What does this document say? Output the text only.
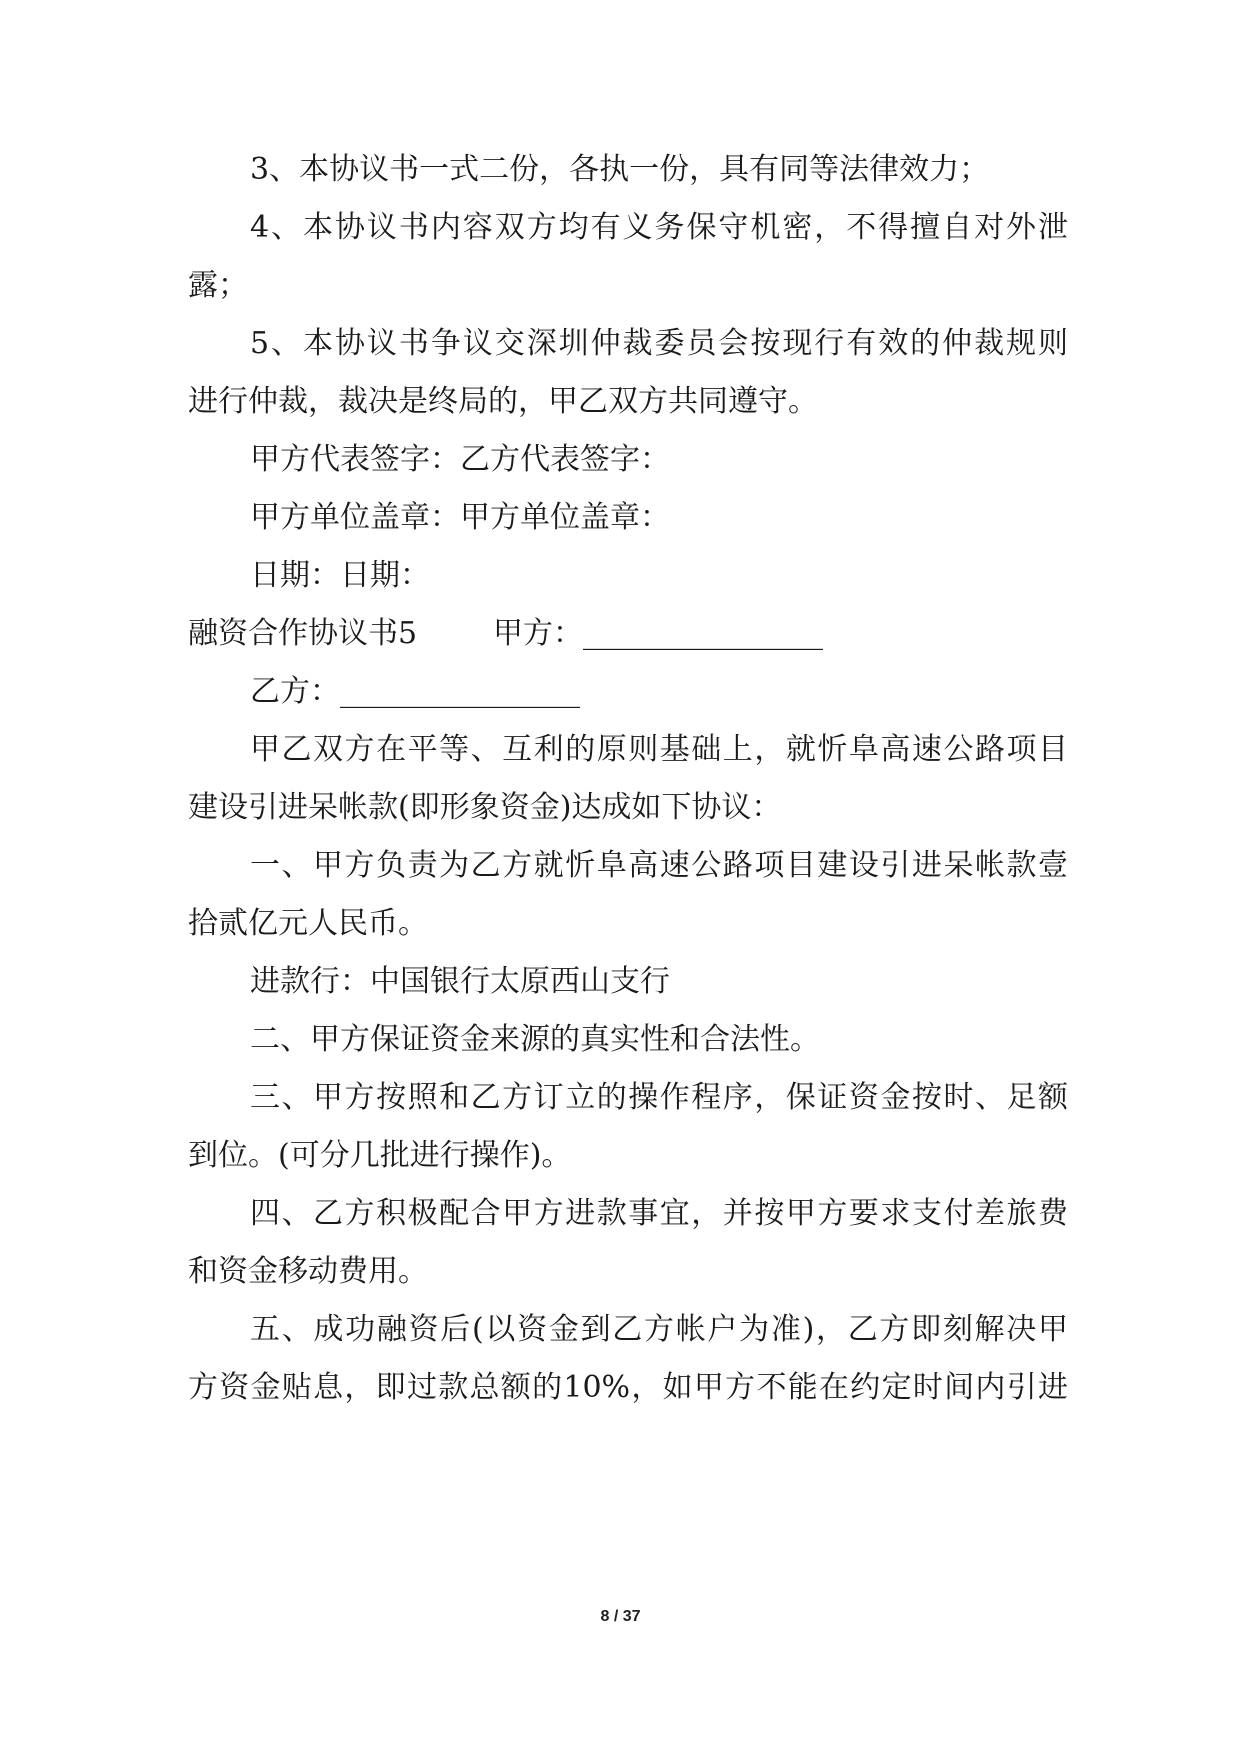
3、本协议书一式二份，各执一份，具有同等法律效力；
4、本协议书内容双方均有义务保守机密，不得擅自对外泄
露；
5、本协议书争议交深圳仲裁委员会按现行有效的仲裁规则
进行仲裁，裁决是终局的，甲乙双方共同遵守。
甲方代表签字：乙方代表签字：
甲方单位盖章：甲方单位盖章：
日期：日期：
融资合作协议书5	甲方：________________
乙方：________________
甲乙双方在平等、互利的原则基础上，就忻阜高速公路项目
建设引进呆帐款(即形象资金)达成如下协议：
一、甲方负责为乙方就忻阜高速公路项目建设引进呆帐款壹
拾贰亿元人民币。
进款行：中国银行太原西山支行
二、甲方保证资金来源的真实性和合法性。
三、甲方按照和乙方订立的操作程序，保证资金按时、足额
到位。(可分几批进行操作)。
四、乙方积极配合甲方进款事宜，并按甲方要求支付差旅费
和资金移动费用。
五、成功融资后(以资金到乙方帐户为准)，乙方即刻解决甲
方资金贴息，即过款总额的10%，如甲方不能在约定时间内引进
8 / 37
